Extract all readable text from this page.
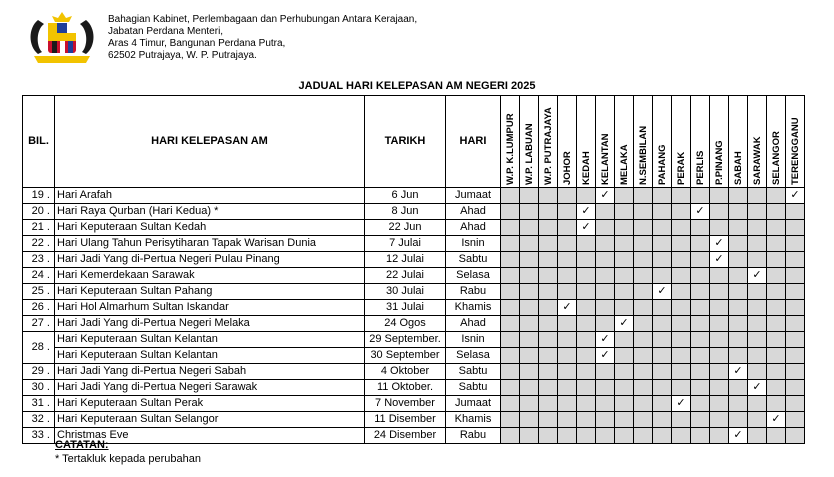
Bahagian Kabinet, Perlembagaan dan Perhubungan Antara Kerajaan,
Jabatan Perdana Menteri,
Aras 4 Timur, Bangunan Perdana Putra,
62502 Putrajaya, W. P. Putrajaya.
JADUAL HARI KELEPASAN AM NEGERI 2025
BIL.	HARI KELEPASAN AM	TARIKH	HARI	W.P. K.LUMPUR	W.P. LABUAN	W.P. PUTRAJAYA	JOHOR	KEDAH	KELANTAN	MELAKA	N.SEMBILAN	PAHANG	PERAK	PERLIS	P.PINANG	SABAH	SARAWAK	SELANGOR	TERENGGANU

19 .	Hari Arafah	6 Jun	Jumaat						✓										✓
20 .	Hari Raya Qurban (Hari Kedua) *	8 Jun	Ahad					✓						✓					
21 .	Hari Keputeraan Sultan Kedah	22 Jun	Ahad					✓											
22 .	Hari Ulang Tahun Perisytiharan Tapak Warisan Dunia	7 Julai	Isnin												✓				
23 .	Hari Jadi Yang di-Pertua Negeri Pulau Pinang	12 Julai	Sabtu												✓				
24 .	Hari Kemerdekaan Sarawak	22 Julai	Selasa														✓		
25 .	Hari Keputeraan Sultan Pahang	30 Julai	Rabu									✓							
26 .	Hari Hol Almarhum Sultan Iskandar	31 Julai	Khamis				✓												
27 .	Hari Jadi Yang di-Pertua Negeri Melaka	24 Ogos	Ahad							✓									
28 .	Hari Keputeraan Sultan Kelantan	29 September.	Isnin						✓										
	Hari Keputeraan Sultan Kelantan	30 September	Selasa						✓										
29 .	Hari Jadi Yang di-Pertua Negeri Sabah	4 Oktober	Sabtu													✓			
30 .	Hari Jadi Yang di-Pertua Negeri Sarawak	11 Oktober.	Sabtu														✓		
31 .	Hari Keputeraan Sultan Perak	7 November	Jumaat										✓						
32 .	Hari Keputeraan Sultan Selangor	11 Disember	Khamis															✓	
33 .	Christmas Eve	24 Disember	Rabu													✓			
CATATAN:
* Tertakluk kepada perubahan
